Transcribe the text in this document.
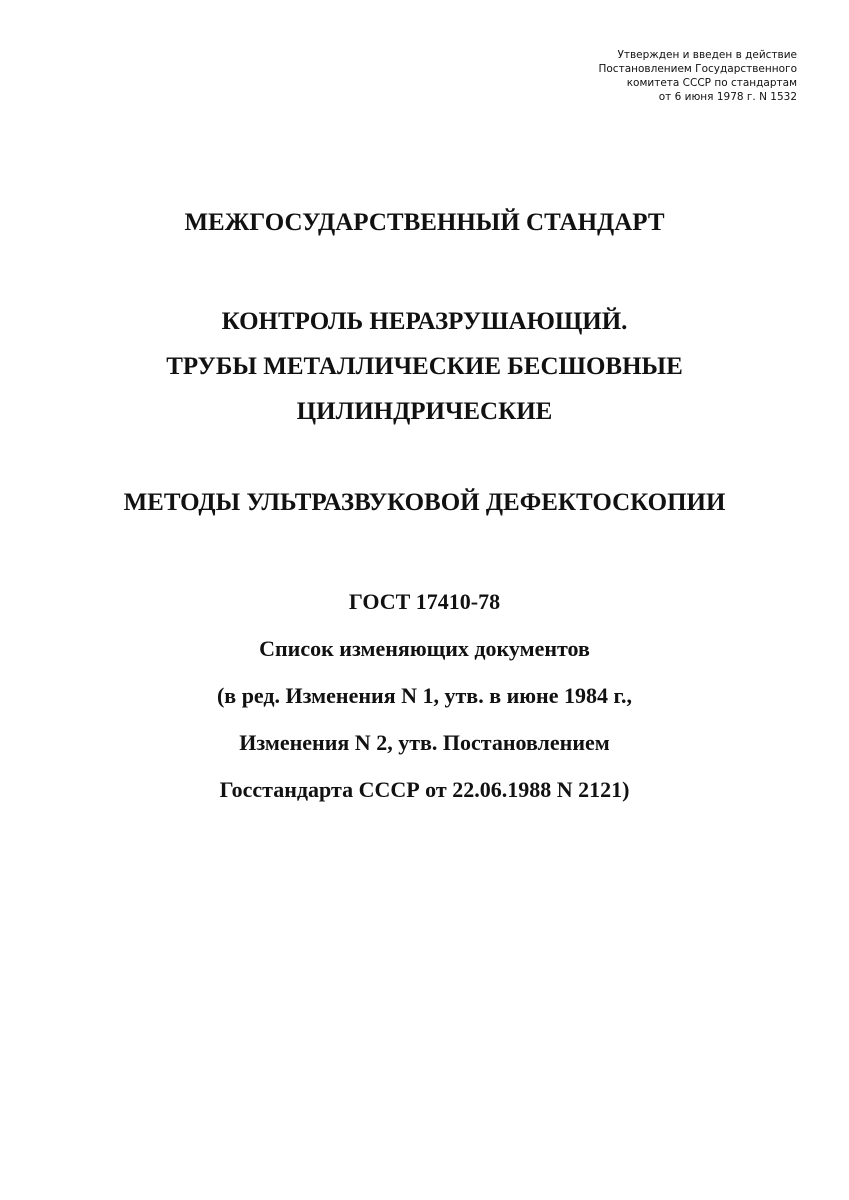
Утвержден и введен в действие
Постановлением Государственного
комитета СССР по стандартам
от 6 июня 1978 г. N 1532
МЕЖГОСУДАРСТВЕННЫЙ СТАНДАРТ
КОНТРОЛЬ НЕРАЗРУШАЮЩИЙ.
ТРУБЫ МЕТАЛЛИЧЕСКИЕ БЕСШОВНЫЕ
ЦИЛИНДРИЧЕСКИЕ
МЕТОДЫ УЛЬТРАЗВУКОВОЙ ДЕФЕКТОСКОПИИ
ГОСТ 17410-78
Список изменяющих документов
(в ред. Изменения N 1, утв. в июне 1984 г.,
Изменения N 2, утв. Постановлением
Госстандарта СССР от 22.06.1988 N 2121)
